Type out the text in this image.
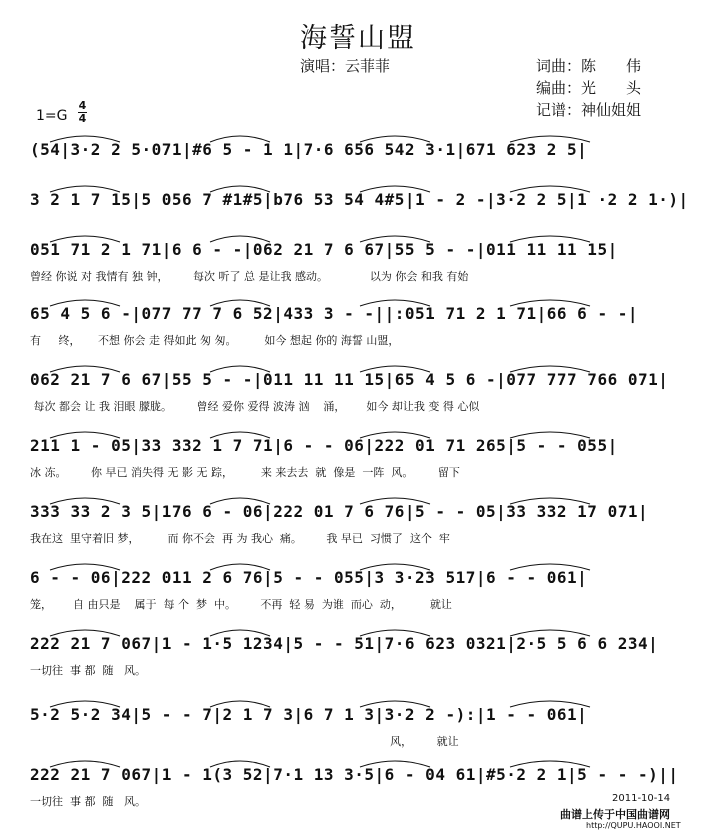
海誓山盟
演唱：云菲菲	词曲：陈　　伟
编曲：光　　头
记谱：神仙姐姐
1=G
4
4
(54|3·2 2 5·071|#6 5 - 1 1|7·6 656 542 3·1|671 623 2 5|
3 2 1 7 15|5 056 7 #1#5|b76 53 54 4#5|1 - 2 -|3·2 2 5|1 ·2 2 1·)|
051 71 2 1 71|6 6 - -|062 21 7 6 67|55 5 - -|011 11 11 15|
曾经 你说 对 我情有 独 钟，       每次 听了 总 是让我 感动。            以为 你会 和我 有始
65 4 5 6 -|077 77 7 6 52|433 3 - -||:051 71 2 1 71|66 6 - -|
有     终，     不想 你会 走 得如此 匆 匆。        如今 想起 你的 海誓 山盟，
062 21 7 6 67|55 5 - -|011 11 11 15|65 4 5 6 -|077 777 766 071|
每次 都会 让 我 泪眼 朦胧。       曾经 爱你 爱得 波涛 汹    涌，      如今 却让我 变 得 心似
211 1 - 05|33 332 1 7 71|6 - - 06|222 01 71 265|5 - - 055|
冰 冻。       你 早已 消失得 无 影 无 踪，        来 来去去  就  像是  一阵  风。       留下
333 33 2 3 5|176 6 - 06|222 01 7 6 76|5 - - 05|33 332 17 071|
我在这  里守着旧 梦，        而 你不会  再 为 我心  痛。       我 早已  习惯了  这个  牢
6 - - 06|222 011 2 6 76|5 - - 055|3 3·23 517|6 - - 061|
笼，      自 由只是    属于  每 个  梦  中。       不再  轻 易  为谁  而心  动，        就让
222 21 7 067|1 - 1·5 1234|5 - - 51|7·6 623 0321|2·5 5 6 6 234|
一切往  事 都  随   风。
5·2 5·2 34|5 - - 7|2 1 7 3|6 7 1 3|3·2 2 -):|1 - - 061|
风，       就让
222 21 7 067|1 - 1(3 52|7·1 13 3·5|6 - 04 61|#5·2 2 1|5 - - -)||
一切往  事 都  随   风。	2011-10-14
曲谱上传于中国曲谱网
http://QUPU.HAOOI.NET
